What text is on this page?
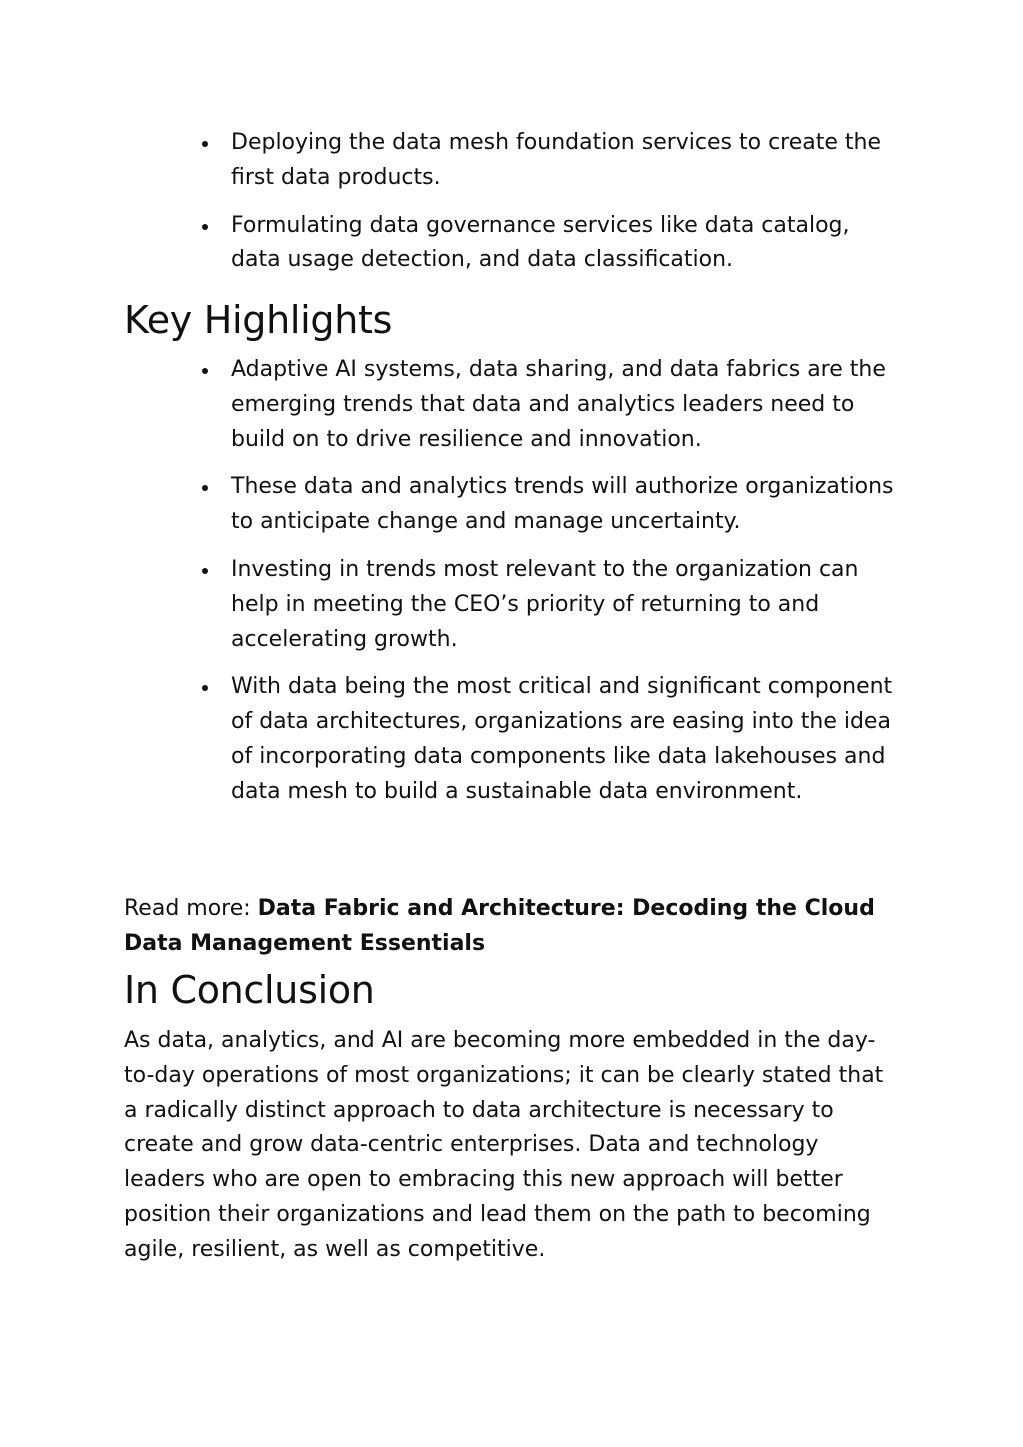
Deploying the data mesh foundation services to create the first data products.
Formulating data governance services like data catalog, data usage detection, and data classification.
Key Highlights
Adaptive AI systems, data sharing, and data fabrics are the emerging trends that data and analytics leaders need to build on to drive resilience and innovation.
These data and analytics trends will authorize organizations to anticipate change and manage uncertainty.
Investing in trends most relevant to the organization can help in meeting the CEO’s priority of returning to and accelerating growth.
With data being the most critical and significant component of data architectures, organizations are easing into the idea of incorporating data components like data lakehouses and data mesh to build a sustainable data environment.

Read more: Data Fabric and Architecture: Decoding the Cloud Data Management Essentials

In Conclusion

As data, analytics, and AI are becoming more embedded in the day-to-day operations of most organizations; it can be clearly stated that a radically distinct approach to data architecture is necessary to create and grow data-centric enterprises. Data and technology leaders who are open to embracing this new approach will better position their organizations and lead them on the path to becoming agile, resilient, as well as competitive.
